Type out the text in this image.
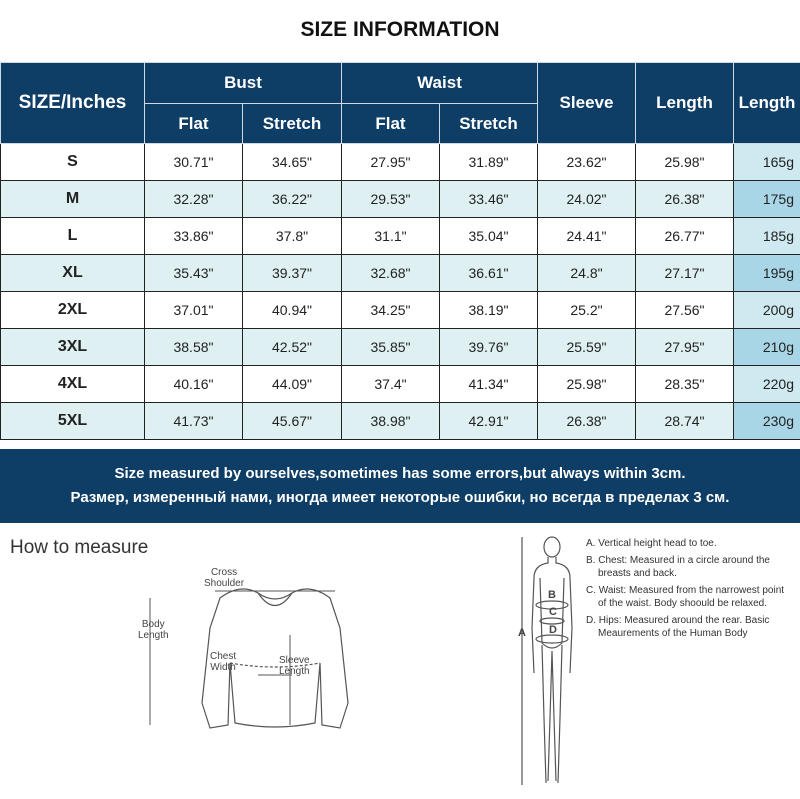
SIZE INFORMATION
SIZE/Inches	Bust		Waist		Sleeve	Length	Length
	Flat	Stretch	Flat	Stretch			
S	30.71"	34.65"	27.95"	31.89"	23.62"	25.98"	165g
M	32.28"	36.22"	29.53"	33.46"	24.02"	26.38"	175g
L	33.86"	37.8"	31.1"	35.04"	24.41"	26.77"	185g
XL	35.43"	39.37"	32.68"	36.61"	24.8"	27.17"	195g
2XL	37.01"	40.94"	34.25"	38.19"	25.2"	27.56"	200g
3XL	38.58"	42.52"	35.85"	39.76"	25.59"	27.95"	210g
4XL	40.16"	44.09"	37.4"	41.34"	25.98"	28.35"	220g
5XL	41.73"	45.67"	38.98"	42.91"	26.38"	28.74"	230g
Size measured by ourselves,sometimes has some errors,but always within 3cm.
Размер, измеренный нами, иногда имеет некоторые ошибки, но всегда в пределах 3 см.
How to measure
Cross
Shoulder
Body
Length
Chest
Width
Sleeve
Length
A
B
C
D
A. Vertical height head to toe.
B. Chest: Measured in a circle around the breasts and back.
C. Waist: Measured from the narrowest point of the waist. Body shoould be relaxed.
D. Hips: Measured around the rear. Basic Meaurements of the Human Body
